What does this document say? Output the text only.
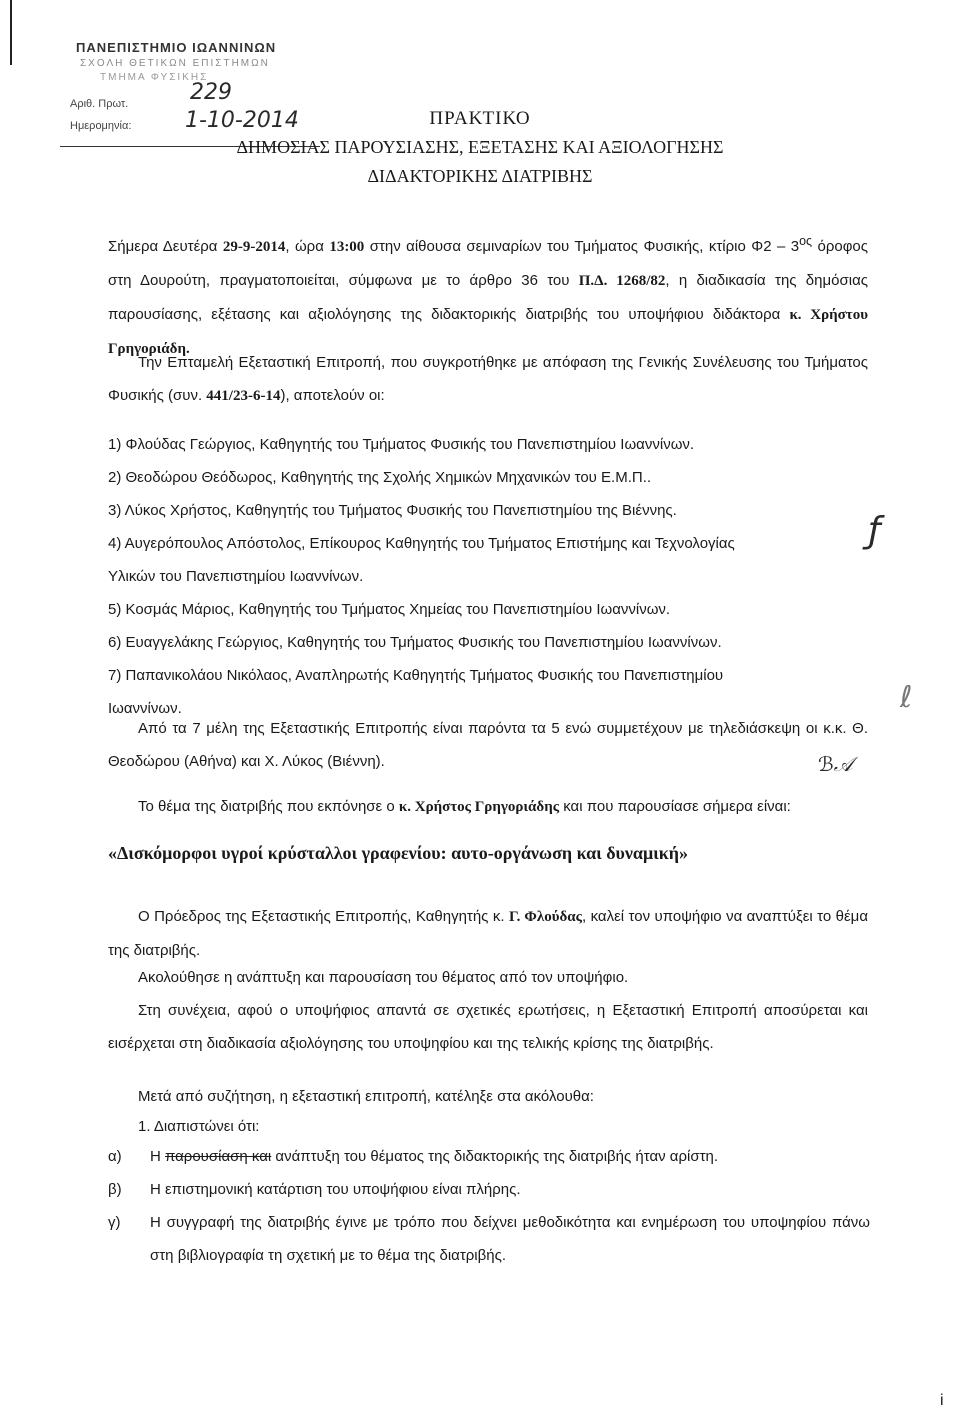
ΠΑΝΕΠΙΣΤΗΜΙΟ ΙΩΑΝΝΙΝΩΝ
ΣΧΟΛΗ ΘΕΤΙΚΩΝ ΕΠΙΣΤΗΜΩΝ
ΤΜΗΜΑ ΦΥΣΙΚΗΣ
Αριθ. Πρωτ.
Ημερομηνία:
229
1-10-2014	ΠΡΑΚΤΙΚΟ
ΔΗΜΟΣΙΑΣ ΠΑΡΟΥΣΙΑΣΗΣ, ΕΞΕΤΑΣΗΣ ΚΑΙ ΑΞΙΟΛΟΓΗΣΗΣ
ΔΙΔΑΚΤΟΡΙΚΗΣ ΔΙΑΤΡΙΒΗΣ
Σήμερα Δευτέρα 29-9-2014, ώρα 13:00 στην αίθουσα σεμιναρίων του Τμήματος Φυσικής, κτίριο $\Phi 2 - 3^{o\varsigma}$ όροφος στη Δουρούτη, πραγματοποιείται, σύμφωνα με το άρθρο 36 του Π.Δ. 1268/82, η διαδικασία της δημόσιας παρουσίασης, εξέτασης και αξιολόγησης της διδακτορικής διατριβής του υποψήφιου διδάκτορα κ. Χρήστου Γρηγοριάδη.
Την Επταμελή Εξεταστική Επιτροπή, που συγκροτήθηκε με απόφαση της Γενικής Συνέλευσης του Τμήματος Φυσικής (συν. 441/23-6-14), αποτελούν οι:
1) Φλούδας Γεώργιος, Καθηγητής του Τμήματος Φυσικής του Πανεπιστημίου Ιωαννίνων.
2) Θεοδώρου Θεόδωρος, Καθηγητής της Σχολής Χημικών Μηχανικών του Ε.Μ.Π..
3) Λύκος Χρήστος, Καθηγητής του Τμήματος Φυσικής του Πανεπιστημίου της Βιέννης.
4) Αυγερόπουλος Απόστολος, Επίκουρος Καθηγητής του Τμήματος Επιστήμης και Τεχνολογίας
Υλικών του Πανεπιστημίου Ιωαννίνων.
5) Κοσμάς Μάριος, Καθηγητής του Τμήματος Χημείας του Πανεπιστημίου Ιωαννίνων.
6) Ευαγγελάκης Γεώργιος, Καθηγητής του Τμήματος Φυσικής του Πανεπιστημίου Ιωαννίνων.
7) Παπανικολάου Νικόλαος, Αναπληρωτής Καθηγητής Τμήματος Φυσικής του Πανεπιστημίου
Ιωαννίνων.
Από τα 7 μέλη της Εξεταστικής Επιτροπής είναι παρόντα τα 5 ενώ συμμετέχουν με τηλεδιάσκεψη οι κ.κ. Θ. Θεοδώρου (Αθήνα) και Χ. Λύκος (Βιέννη).
Το θέμα της διατριβής που εκπόνησε ο κ. Χρήστος Γρηγοριάδης και που παρουσίασε σήμερα είναι:
«Δισκόμορφοι υγροί κρύσταλλοι γραφενίου: αυτο-οργάνωση και δυναμική»
Ο Πρόεδρος της Εξεταστικής Επιτροπής, Καθηγητής κ. Γ. Φλούδας, καλεί τον υποψήφιο να αναπτύξει το θέμα της διατριβής.
Ακολούθησε η ανάπτυξη και παρουσίαση του θέματος από τον υποψήφιο.
Στη συνέχεια, αφού ο υποψήφιος απαντά σε σχετικές ερωτήσεις, η Εξεταστική Επιτροπή αποσύρεται και εισέρχεται στη διαδικασία αξιολόγησης του υποψηφίου και της τελικής κρίσης της διατριβής.
Μετά από συζήτηση, η εξεταστική επιτροπή, κατέληξε στα ακόλουθα:
1. Διαπιστώνει ότι:
α) Η παρουσίαση και ανάπτυξη του θέματος της διδακτορικής της διατριβής ήταν αρίστη.
β) Η επιστημονική κατάρτιση του υποψήφιου είναι πλήρης.
γ) Η συγγραφή της διατριβής έγινε με τρόπο που δείχνει μεθοδικότητα και ενημέρωση του υποψηφίου πάνω στη βιβλιογραφία τη σχετική με το θέμα της διατριβής.
ℬ𝒜
ƒ
ℓ
i
